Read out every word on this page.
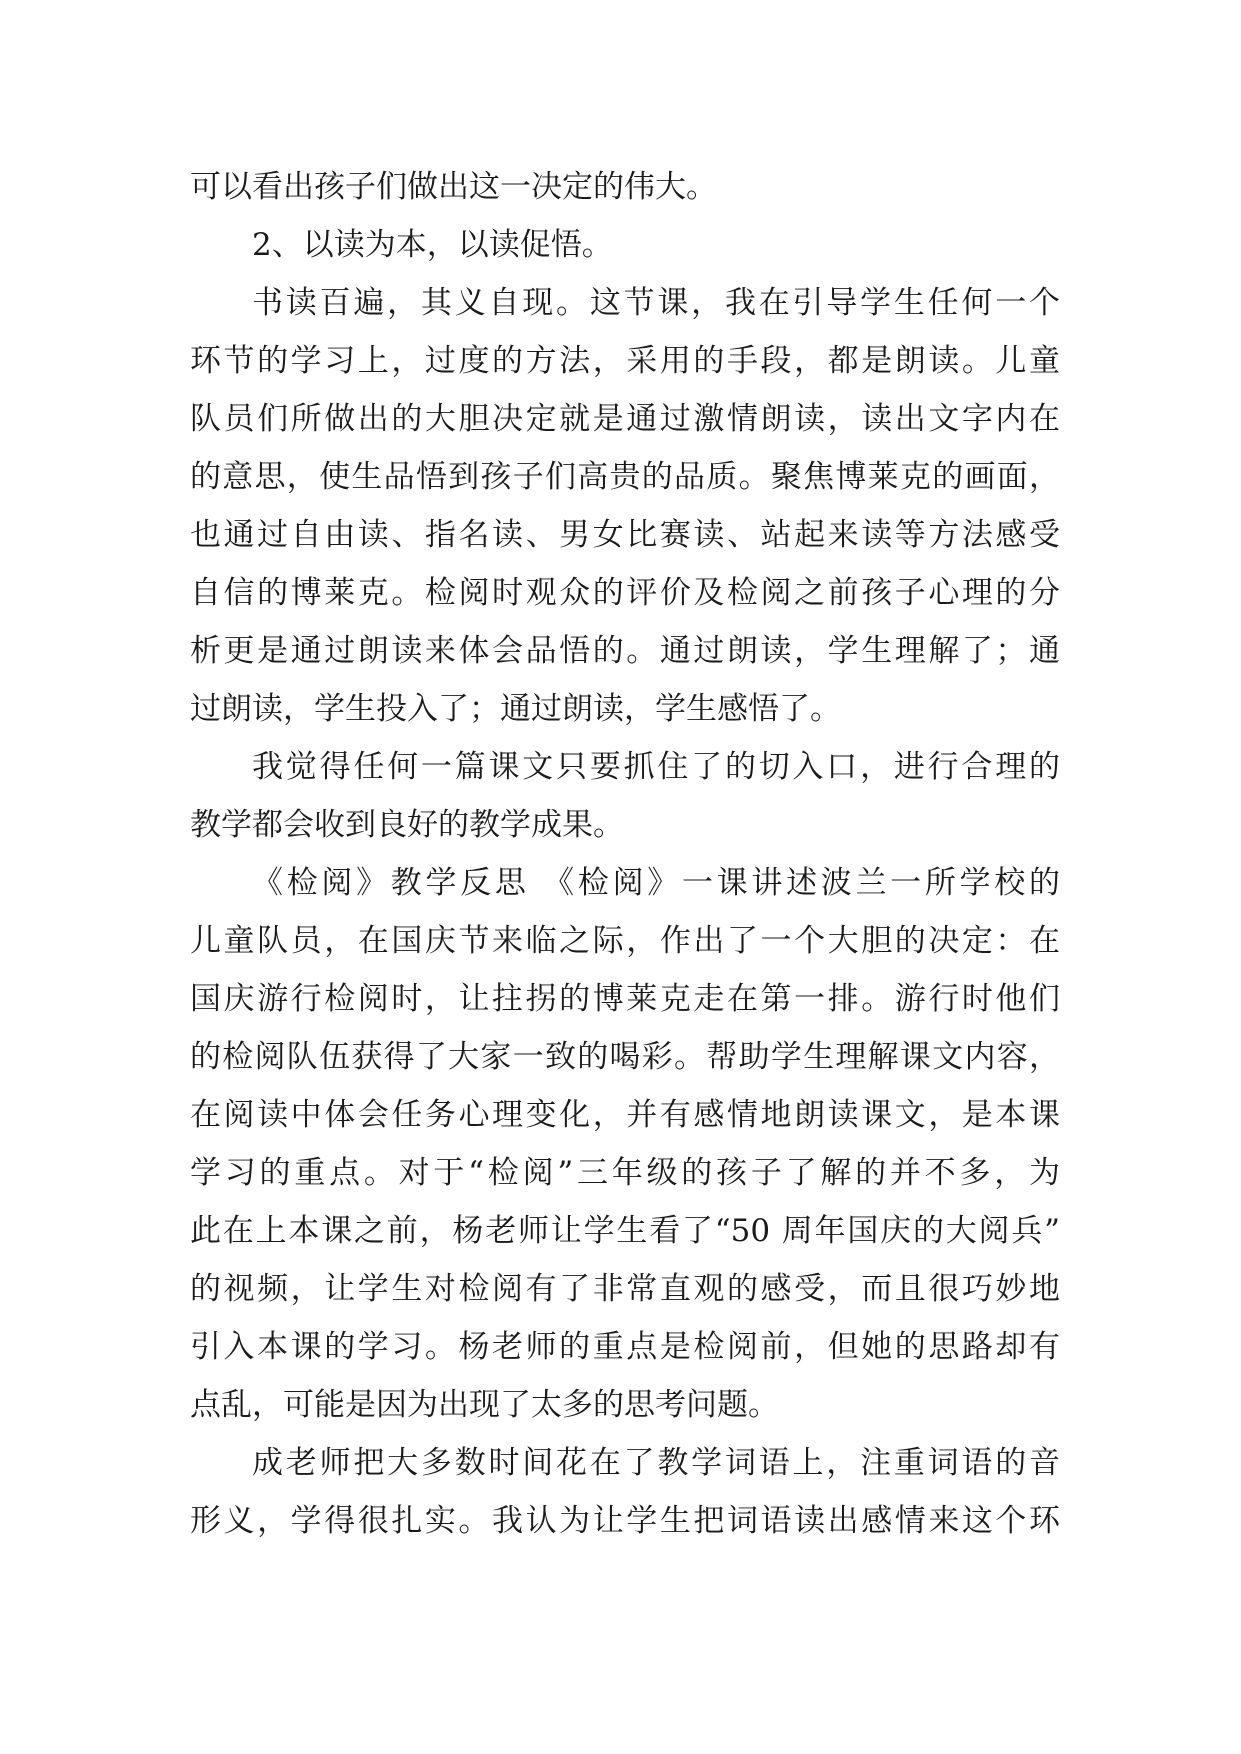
可以看出孩子们做出这一决定的伟大。
2、以读为本，以读促悟。
书读百遍，其义自现。这节课，我在引导学生任何一个
环节的学习上，过度的方法，采用的手段，都是朗读。儿童
队员们所做出的大胆决定就是通过激情朗读，读出文字内在
的意思，使生品悟到孩子们高贵的品质。聚焦博莱克的画面，
也通过自由读、指名读、男女比赛读、站起来读等方法感受
自信的博莱克。检阅时观众的评价及检阅之前孩子心理的分
析更是通过朗读来体会品悟的。通过朗读，学生理解了；通
过朗读，学生投入了；通过朗读，学生感悟了。
我觉得任何一篇课文只要抓住了的切入口，进行合理的
教学都会收到良好的教学成果。
《检阅》教学反思 《检阅》一课讲述波兰一所学校的
儿童队员，在国庆节来临之际，作出了一个大胆的决定：在
国庆游行检阅时，让拄拐的博莱克走在第一排。游行时他们
的检阅队伍获得了大家一致的喝彩。帮助学生理解课文内容，
在阅读中体会任务心理变化，并有感情地朗读课文，是本课
学习的重点。对于“检阅”三年级的孩子了解的并不多，为
此在上本课之前，杨老师让学生看了“50 周年国庆的大阅兵”
的视频，让学生对检阅有了非常直观的感受，而且很巧妙地
引入本课的学习。杨老师的重点是检阅前，但她的思路却有
点乱，可能是因为出现了太多的思考问题。
成老师把大多数时间花在了教学词语上，注重词语的音
形义，学得很扎实。我认为让学生把词语读出感情来这个环
